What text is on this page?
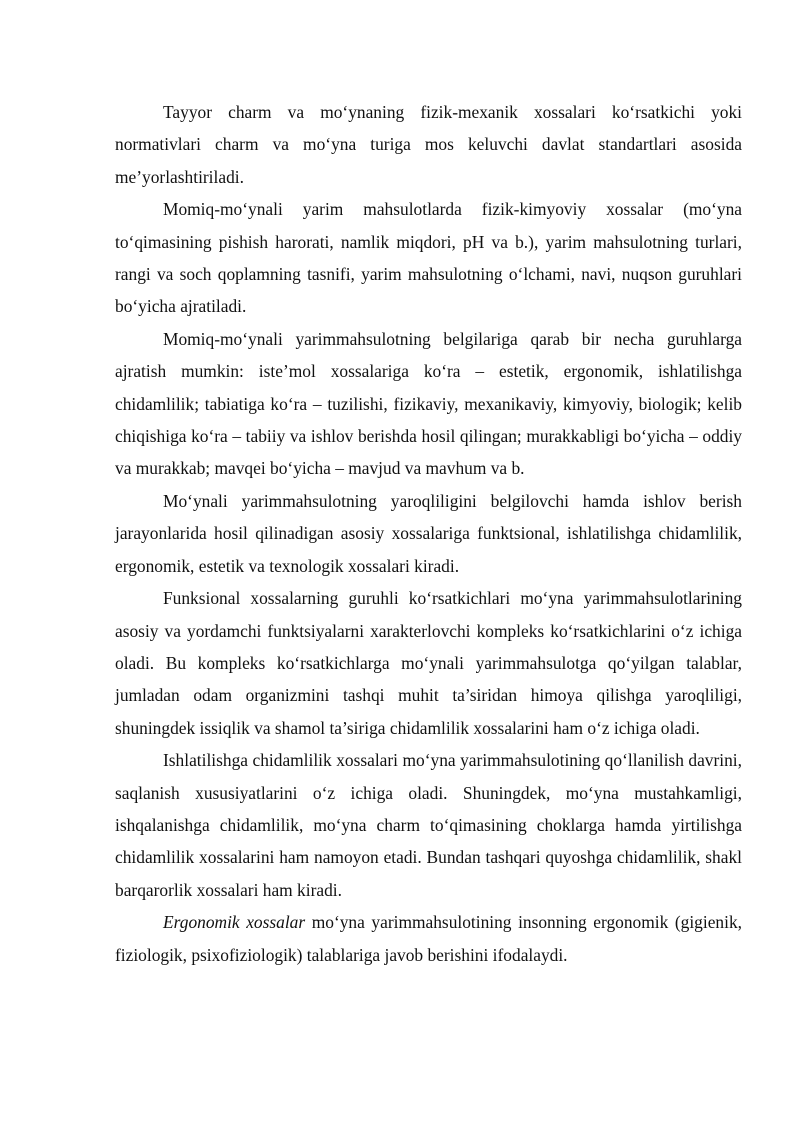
Tayyor charm va mo‘ynaning fizik-mexanik xossalari ko‘rsatkichi yoki normativlari charm va mo‘yna turiga mos keluvchi davlat standartlari asosida me’yorlashtiriladi.

Momiq-mo‘ynali yarim mahsulotlarda fizik-kimyoviy xossalar (mo‘yna to‘qimasining pishish harorati, namlik miqdori, pH va b.), yarim mahsulotning turlari, rangi va soch qoplamning tasnifi, yarim mahsulotning o‘lchami, navi, nuqson guruhlari bo‘yicha ajratiladi.

Momiq-mo‘ynali yarimmahsulotning belgilariga qarab bir necha guruhlarga ajratish mumkin: iste’mol xossalariga ko‘ra – estetik, ergonomik, ishlatilishga chidamlilik; tabiatiga ko‘ra – tuzilishi, fizikaviy, mexanikaviy, kimyoviy, biologik; kelib chiqishiga ko‘ra – tabiiy va ishlov berishda hosil qilingan; murakkabligi bo‘yicha – oddiy va murakkab; mavqei bo‘yicha – mavjud va mavhum va b.

Mo‘ynali yarimmahsulotning yaroqliligini belgilovchi hamda ishlov berish jarayonlarida hosil qilinadigan asosiy xossalariga funktsional, ishlatilishga chidamlilik, ergonomik, estetik va texnologik xossalari kiradi.

Funksional xossalarning guruhli ko‘rsatkichlari mo‘yna yarimmahsulotlarining asosiy va yordamchi funktsiyalarni xarakterlovchi kompleks ko‘rsatkichlarini o‘z ichiga oladi. Bu kompleks ko‘rsatkichlarga mo‘ynali yarimmahsulotga qo‘yilgan talablar, jumladan odam organizmini tashqi muhit ta’siridan himoya qilishga yaroqliligi, shuningdek issiqlik va shamol ta’siriga chidamlilik xossalarini ham o‘z ichiga oladi.

Ishlatilishga chidamlilik xossalari mo‘yna yarimmahsulotining qo‘llanilish davrini, saqlanish xususiyatlarini o‘z ichiga oladi. Shuningdek, mo‘yna mustahkamligi, ishqalanishga chidamlilik, mo‘yna charm to‘qimasining choklarga hamda yirtilishga chidamlilik xossalarini ham namoyon etadi. Bundan tashqari quyoshga chidamlilik, shakl barqarorlik xossalari ham kiradi.

Ergonomik xossalar mo‘yna yarimmahsulotining insonning ergonomik (gigienik, fiziologik, psixofiziologik) talablariga javob berishini ifodalaydi.
